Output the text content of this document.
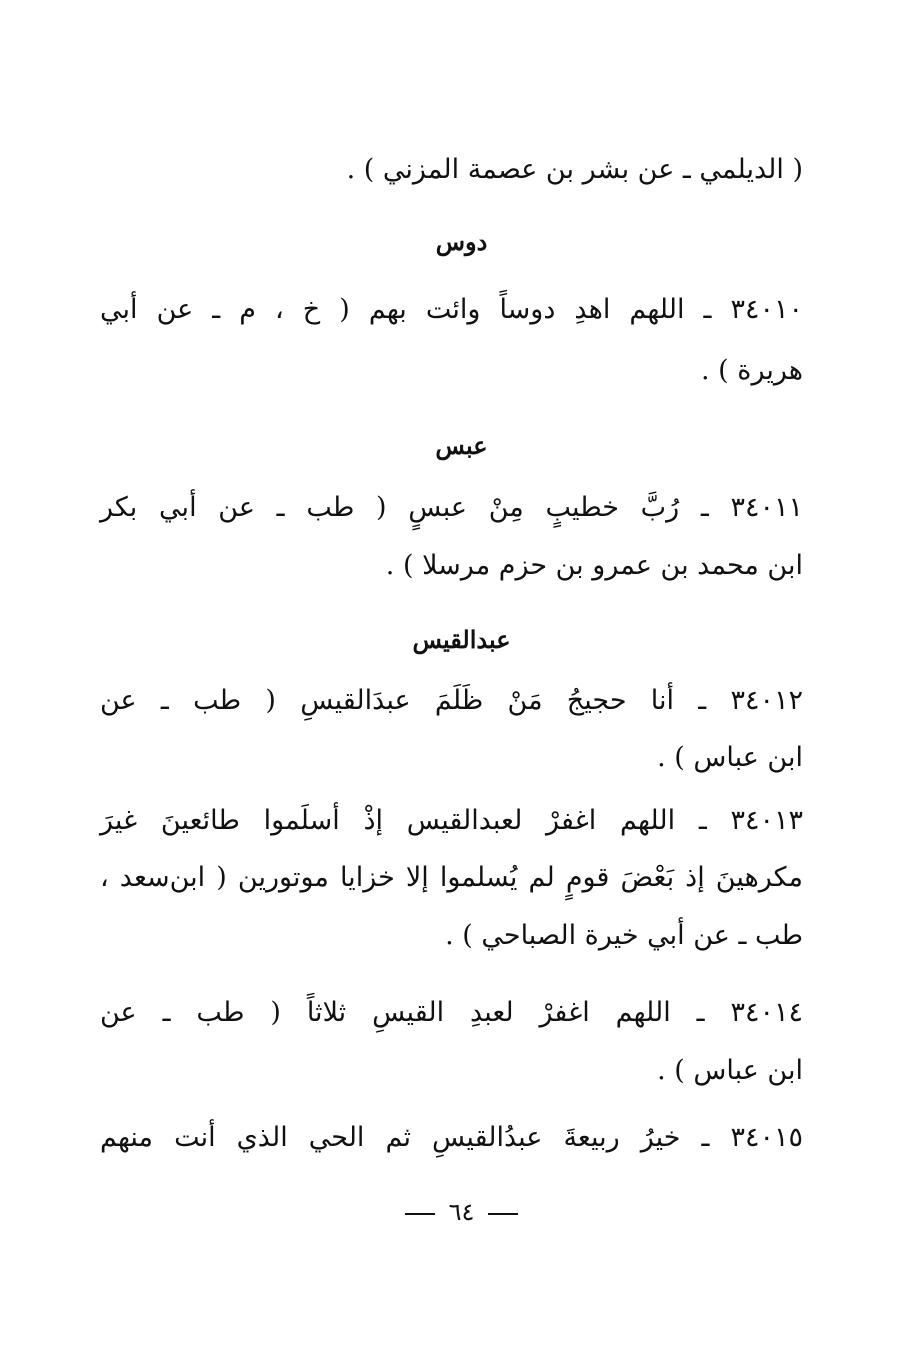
( الديلمي ـ عن بشر بن عصمة المزني ) .
دوس
٣٤٠١٠ ـ اللهم اهدِ دوساً وائت بهم ( خ ، م ـ عن أبي
هريرة ) .
عبس
٣٤٠١١ ـ رُبَّ خطيبٍ مِنْ عبسٍ ( طب ـ عن أبي بكر
ابن محمد بن عمرو بن حزم مرسلا ) .
عبدالقيس
٣٤٠١٢ ـ أنا حجيجُ مَنْ ظَلَمَ عبدَالقيسِ ( طب ـ عن
ابن عباس ) .
٣٤٠١٣ ـ اللهم اغفرْ لعبدالقيس إذْ أسلَموا طائعينَ غيرَ
مكرهينَ إذ بَعْضَ قومٍ لم يُسلموا إلا خزايا موتورين ( ابن‌سعد ،
طب ـ عن أبي خيرة الصباحي ) .
٣٤٠١٤ ـ اللهم اغفرْ لعبدِ القيسِ ثلاثاً ( طب ـ عن
ابن عباس ) .
٣٤٠١٥ ـ خيرُ ربيعةَ عبدُالقيسِ ثم الحي الذي أنت منهم
٦٤
